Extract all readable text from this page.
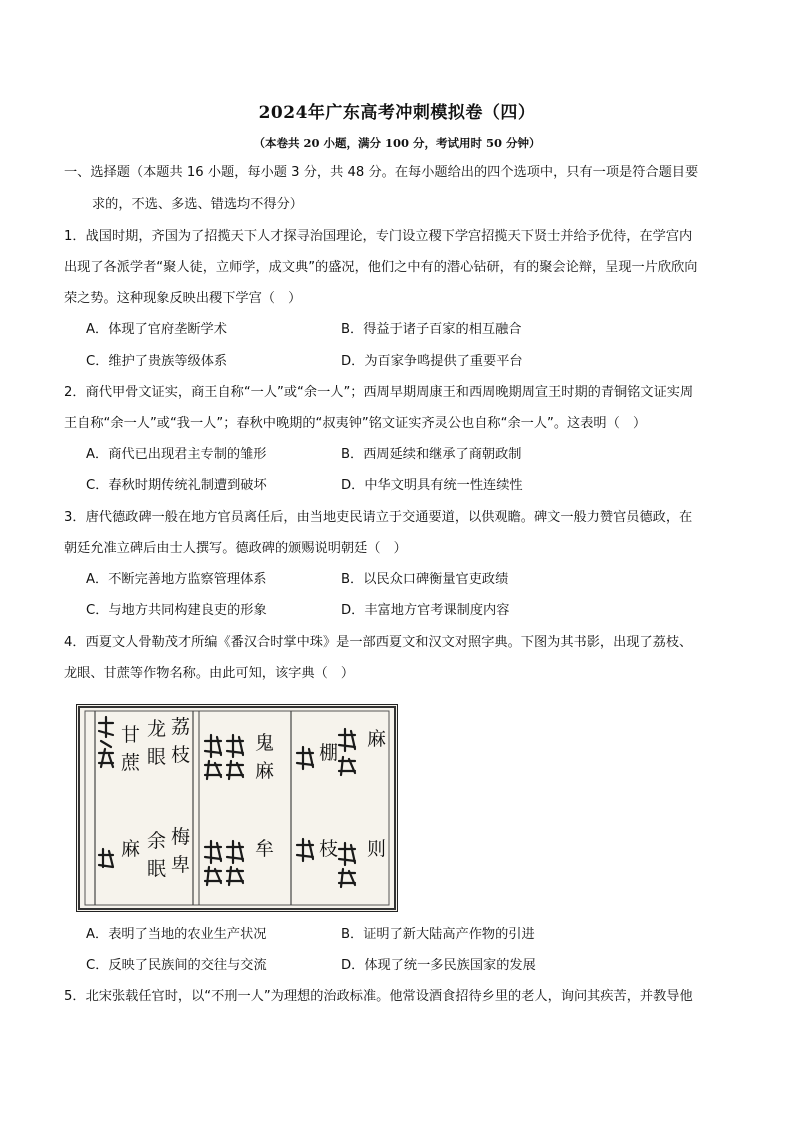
2024年广东高考冲刺模拟卷（四）
（本卷共 20 小题，满分 100 分，考试用时 50 分钟）
一、选择题（本题共 16 小题，每小题 3 分，共 48 分。在每小题给出的四个选项中，只有一项是符合题目要
求的，不选、多选、错选均不得分）
1．战国时期，齐国为了招揽天下人才探寻治国理论，专门设立稷下学宫招揽天下贤士并给予优待，在学宫内
出现了各派学者“聚人徒，立师学，成文典”的盛况，他们之中有的潜心钻研，有的聚会论辩，呈现一片欣欣向
荣之势。这种现象反映出稷下学宫（　）
A．体现了官府垄断学术	B．得益于诸子百家的相互融合
C．维护了贵族等级体系	D．为百家争鸣提供了重要平台
2．商代甲骨文证实，商王自称“一人”或“余一人”；西周早期周康王和西周晚期周宣王时期的青铜铭文证实周
王自称“余一人”或“我一人”；春秋中晚期的“叔夷钟”铭文证实齐灵公也自称“余一人”。这表明（　）
A．商代已出现君主专制的雏形	B．西周延续和继承了商朝政制
C．春秋时期传统礼制遭到破坏	D．中华文明具有统一性连续性
3．唐代德政碑一般在地方官员离任后，由当地吏民请立于交通要道，以供观瞻。碑文一般力赞官员德政，在
朝廷允准立碑后由士人撰写。德政碑的颁赐说明朝廷（　）
A．不断完善地方监察管理体系	B．以民众口碑衡量官吏政绩
C．与地方共同构建良吏的形象	D．丰富地方官考课制度内容
4．西夏文人骨勒茂才所编《番汉合时掌中珠》是一部西夏文和汉文对照字典。下图为其书影，出现了荔枝、
龙眼、甘蔗等作物名称。由此可知，该字典（　）
甘
蔗
龙
眼
荔
枝
麻 余 梅
鬼
麻
卑
眠
牟
棚
枝
麻
则
A．表明了当地的农业生产状况	B．证明了新大陆高产作物的引进
C．反映了民族间的交往与交流	D．体现了统一多民族国家的发展
5．北宋张载任官时，以“不刑一人”为理想的治政标准。他常设酒食招待乡里的老人，询问其疾苦，并教导他
